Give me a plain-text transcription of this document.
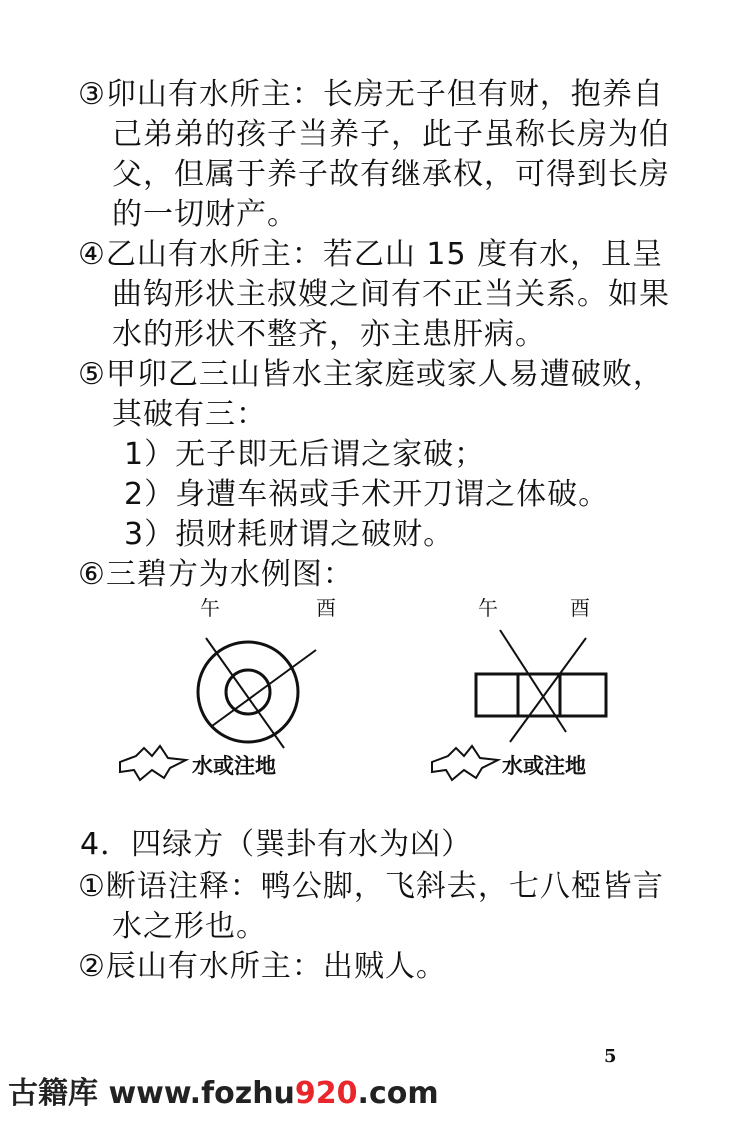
③卯山有水所主：长房无子但有财，抱养自
己弟弟的孩子当养子，此子虽称长房为伯
父，但属于养子故有继承权，可得到长房
的一切财产。
④乙山有水所主：若乙山 15 度有水，且呈
曲钩形状主叔嫂之间有不正当关系。如果
水的形状不整齐，亦主患肝病。
⑤甲卯乙三山皆水主家庭或家人易遭破败，
其破有三：
1）无子即无后谓之家破；
2）身遭车祸或手术开刀谓之体破。
3）损财耗财谓之破财。
⑥三碧方为水例图：
午	酉
水或注地
午	酉
水或注地
4．四绿方（巽卦有水为凶）
①断语注释：鸭公脚，飞斜去，七八椏皆言
水之形也。
②辰山有水所主：出贼人。
5
古籍库 www.fozhu920.com
